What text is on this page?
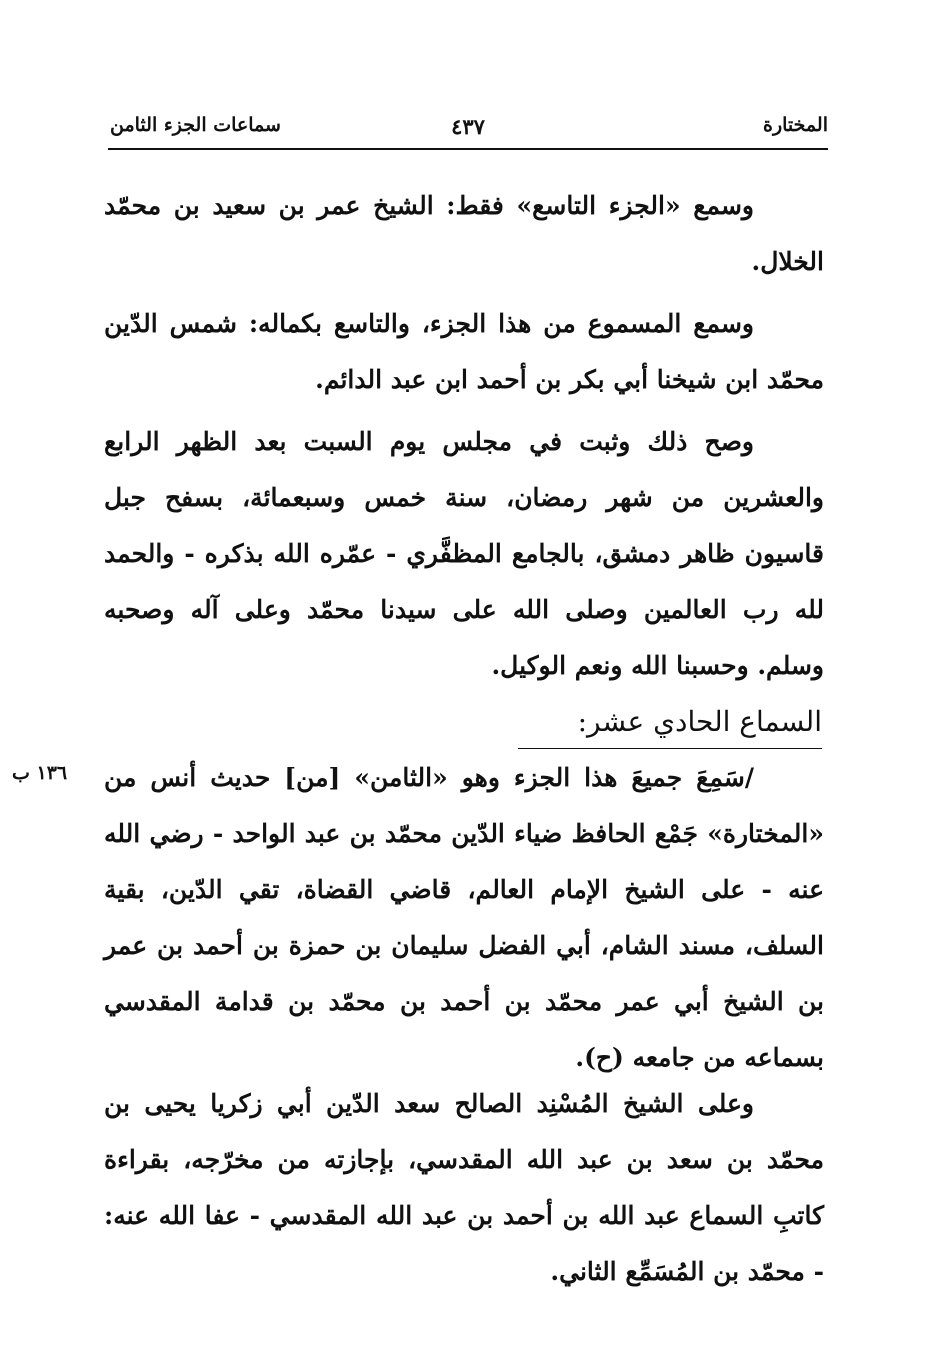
المختارة
٤٣٧
سماعات الجزء الثامن

وسمع «الجزء التاسع» فقط: الشيخ عمر بن سعيد بن محمّد الخلال.

وسمع المسموع من هذا الجزء، والتاسع بكماله: شمس الدّين محمّد ابن شيخنا أبي بكر بن أحمد ابن عبد الدائم.

وصح ذلك وثبت في مجلس يوم السبت بعد الظهر الرابع والعشرين من شهر رمضان، سنة خمس وسبعمائة، بسفح جبل قاسيون ظاهر دمشق، بالجامع المظفَّري - عمّره الله بذكره - والحمد لله رب العالمين وصلى الله على سيدنا محمّد وعلى آله وصحبه وسلم. وحسبنا الله ونعم الوكيل.

السماع الحادي عشر:
١٣٦ ب /سَمِعَ جميعَ هذا الجزء وهو «الثامن» [من] حديث أنس من «المختارة» جَمْع الحافظ ضياء الدّين محمّد بن عبد الواحد - رضي الله عنه - على الشيخ الإمام العالم، قاضي القضاة، تقي الدّين، بقية السلف، مسند الشام، أبي الفضل سليمان بن حمزة بن أحمد بن عمر بن الشيخ أبي عمر محمّد بن أحمد بن محمّد بن قدامة المقدسي بسماعه من جامعه (ح).

وعلى الشيخ المُسْنِد الصالح سعد الدّين أبي زكريا يحيى بن محمّد بن سعد بن عبد الله المقدسي، بإجازته من مخرّجه، بقراءة كاتبِ السماع عبد الله بن أحمد بن عبد الله المقدسي - عفا الله عنه: - محمّد بن المُسَمِّع الثاني.
